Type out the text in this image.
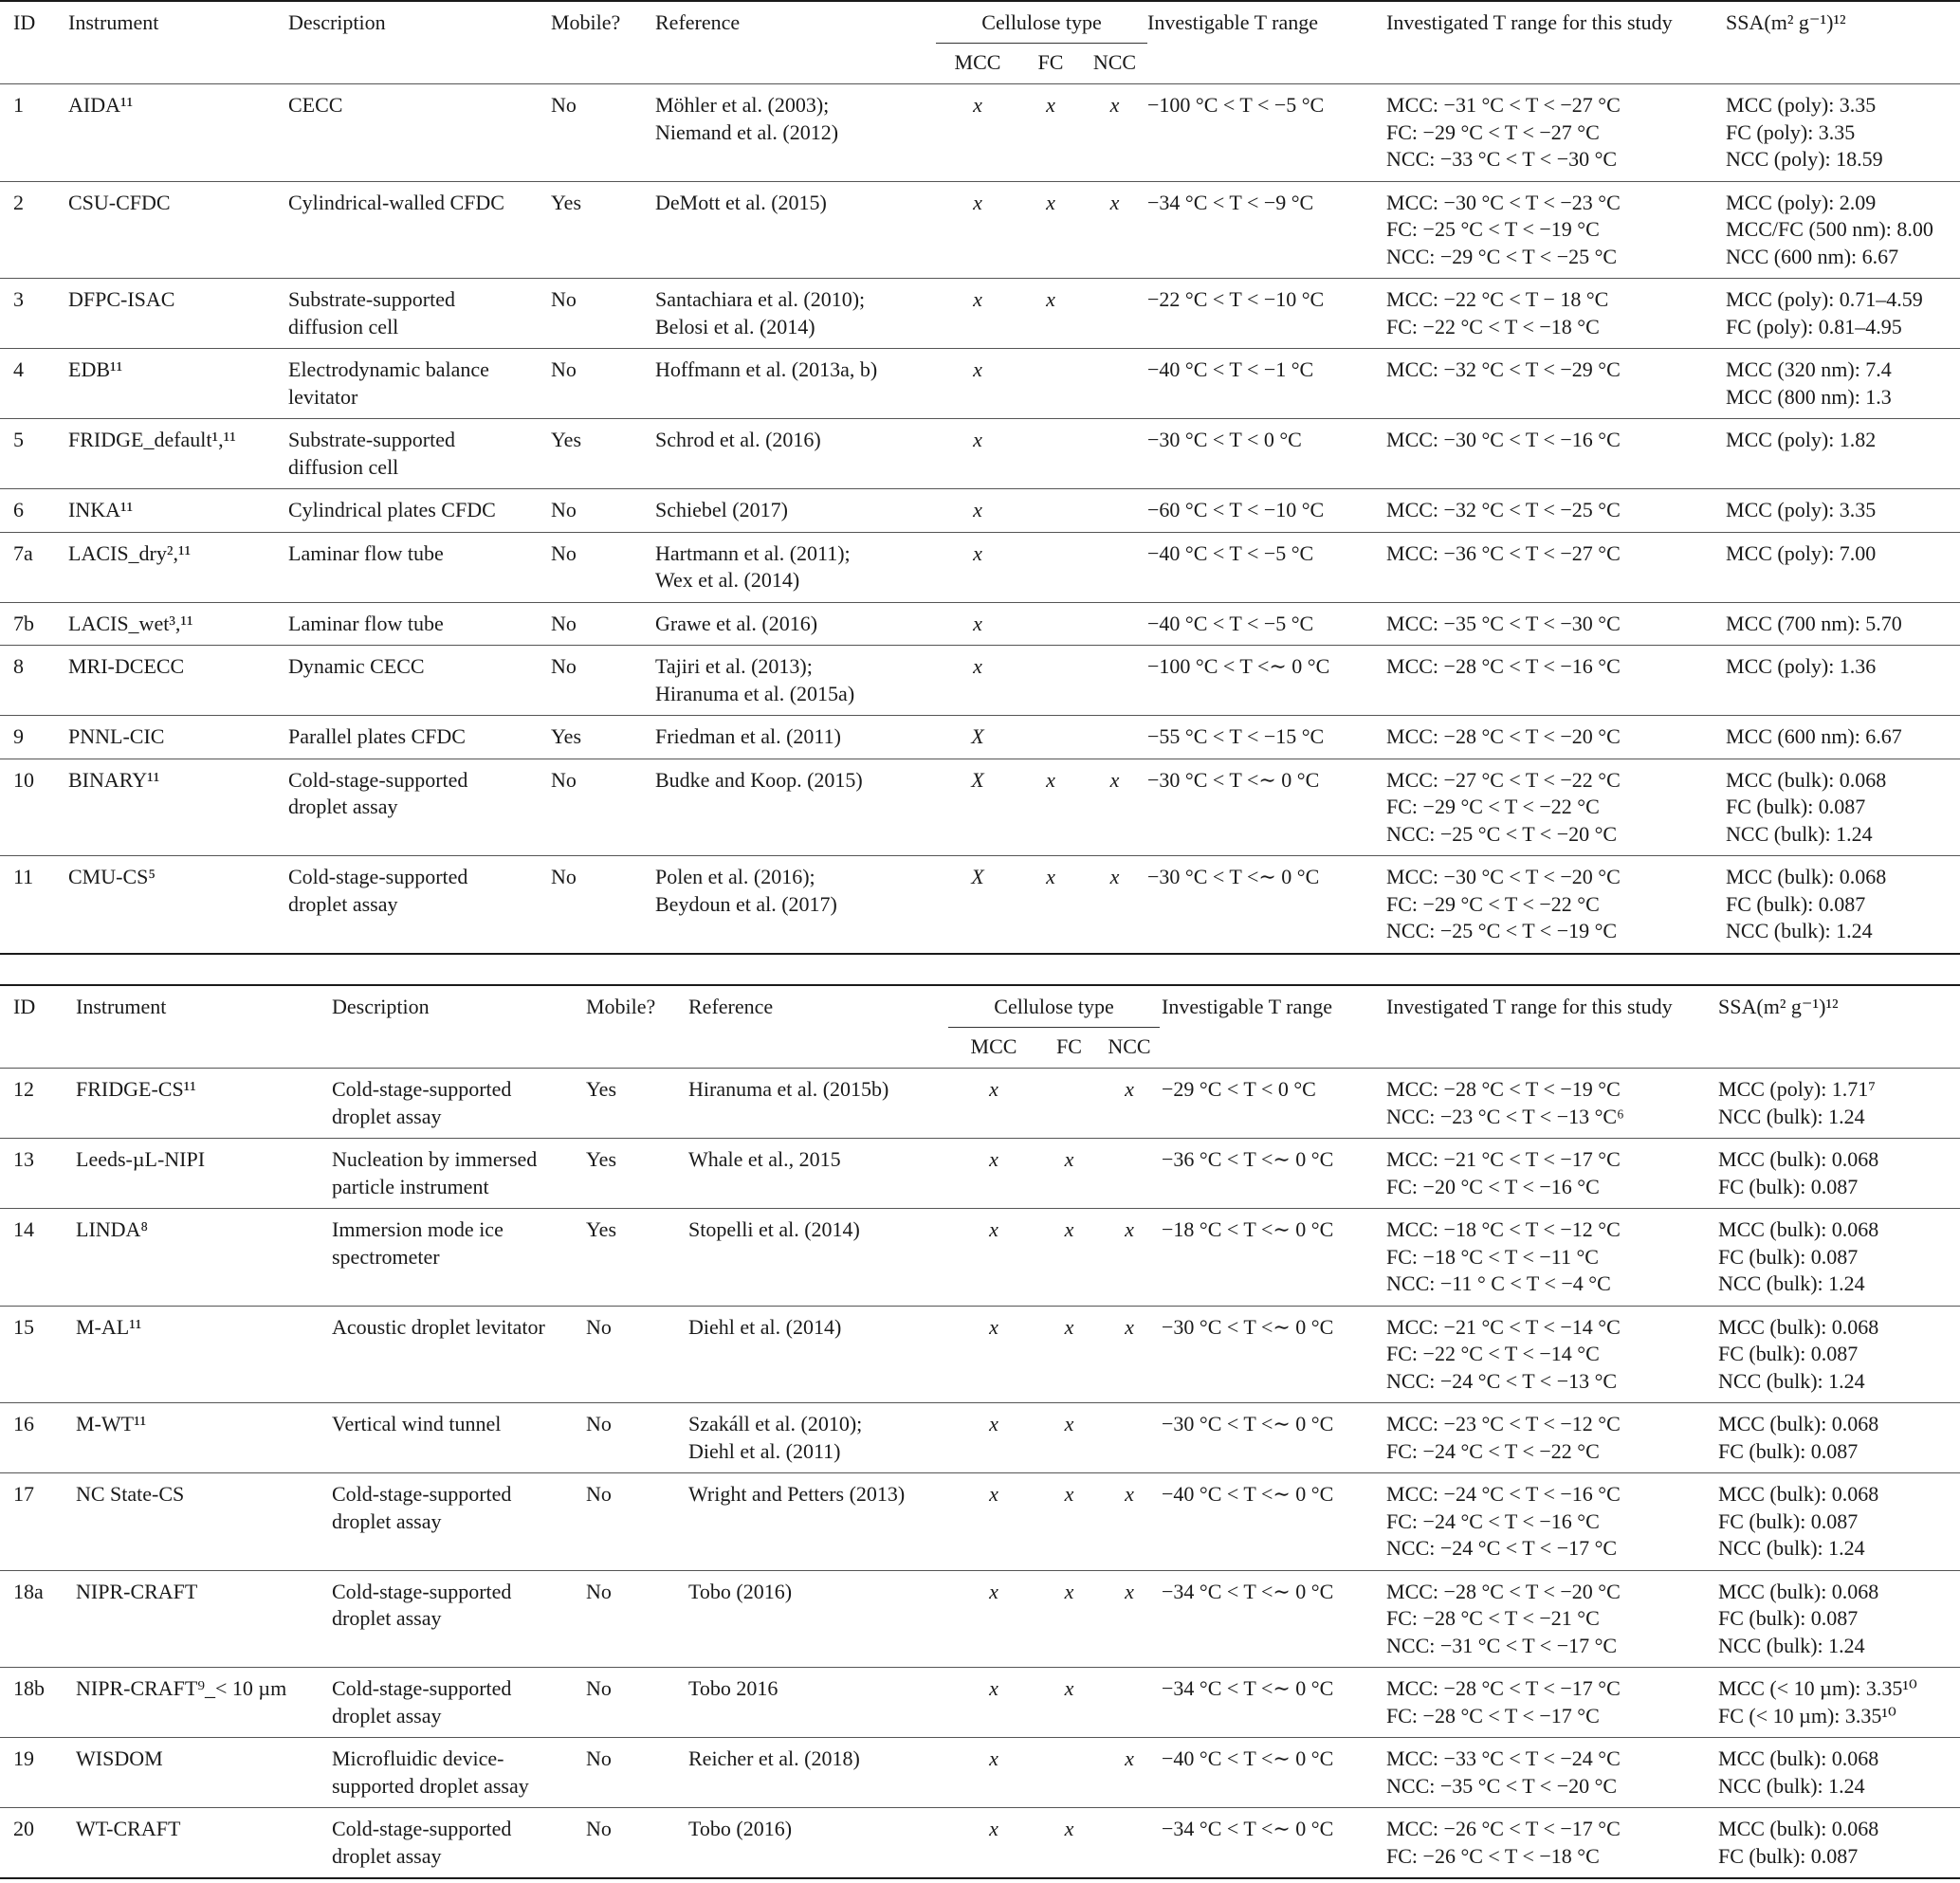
ID	Instrument	Description	Mobile?	Reference	Cellulose type			Investigable T range	Investigated T range for this study	SSA(m² g⁻¹)¹²
					MCC	FC	NCC			
1	AIDA¹¹	CECC	No	Möhler et al. (2003);
Niemand et al. (2012)	x	x	x	−100 °C < T < −5 °C	MCC: −31 °C < T < −27 °C
FC: −29 °C < T < −27 °C
NCC: −33 °C < T < −30 °C	MCC (poly): 3.35
FC (poly): 3.35
NCC (poly): 18.59

2	CSU-CFDC	Cylindrical-walled CFDC	Yes	DeMott et al. (2015)	x	x	x	−34 °C < T < −9 °C	MCC: −30 °C < T < −23 °C
FC: −25 °C < T < −19 °C
NCC: −29 °C < T < −25 °C	MCC (poly): 2.09
MCC/FC (500 nm): 8.00
NCC (600 nm): 6.67

3	DFPC-ISAC	Substrate-supported
diffusion cell	No	Santachiara et al. (2010);
Belosi et al. (2014)	x	x		−22 °C < T < −10 °C	MCC: −22 °C < T − 18 °C
FC: −22 °C < T < −18 °C	MCC (poly): 0.71–4.59
FC (poly): 0.81–4.95

4	EDB¹¹	Electrodynamic balance
levitator	No	Hoffmann et al. (2013a, b)	x			−40 °C < T < −1 °C	MCC: −32 °C < T < −29 °C	MCC (320 nm): 7.4
MCC (800 nm): 1.3

5	FRIDGE_default¹,¹¹	Substrate-supported
diffusion cell	Yes	Schrod et al. (2016)	x			−30 °C < T < 0 °C	MCC: −30 °C < T < −16 °C	MCC (poly): 1.82

6	INKA¹¹	Cylindrical plates CFDC	No	Schiebel (2017)	x			−60 °C < T < −10 °C	MCC: −32 °C < T < −25 °C	MCC (poly): 3.35

7a	LACIS_dry²,¹¹	Laminar flow tube	No	Hartmann et al. (2011);
Wex et al. (2014)	x			−40 °C < T < −5 °C	MCC: −36 °C < T < −27 °C	MCC (poly): 7.00

7b	LACIS_wet³,¹¹	Laminar flow tube	No	Grawe et al. (2016)	x			−40 °C < T < −5 °C	MCC: −35 °C < T < −30 °C	MCC (700 nm): 5.70

8	MRI-DCECC	Dynamic CECC	No	Tajiri et al. (2013);
Hiranuma et al. (2015a)	x			−100 °C < T <∼ 0 °C	MCC: −28 °C < T < −16 °C	MCC (poly): 1.36

9	PNNL-CIC	Parallel plates CFDC	Yes	Friedman et al. (2011)	X			−55 °C < T < −15 °C	MCC: −28 °C < T < −20 °C	MCC (600 nm): 6.67

10	BINARY¹¹	Cold-stage-supported
droplet assay	No	Budke and Koop. (2015)	X	x	x	−30 °C < T <∼ 0 °C	MCC: −27 °C < T < −22 °C
FC: −29 °C < T < −22 °C
NCC: −25 °C < T < −20 °C	MCC (bulk): 0.068
FC (bulk): 0.087
NCC (bulk): 1.24

11	CMU-CS⁵	Cold-stage-supported
droplet assay	No	Polen et al. (2016);
Beydoun et al. (2017)	X	x	x	−30 °C < T <∼ 0 °C	MCC: −30 °C < T < −20 °C
FC: −29 °C < T < −22 °C
NCC: −25 °C < T < −19 °C	MCC (bulk): 0.068
FC (bulk): 0.087
NCC (bulk): 1.24
ID	Instrument	Description	Mobile?	Reference	Cellulose type			Investigable T range	Investigated T range for this study	SSA(m² g⁻¹)¹²
					MCC	FC	NCC			
12	FRIDGE-CS¹¹	Cold-stage-supported
droplet assay	Yes	Hiranuma et al. (2015b)	x		x	−29 °C < T < 0 °C	MCC: −28 °C < T < −19 °C
NCC: −23 °C < T < −13 °C⁶	MCC (poly): 1.71⁷
NCC (bulk): 1.24

13	Leeds-µL-NIPI	Nucleation by immersed
particle instrument	Yes	Whale et al., 2015	x	x		−36 °C < T <∼ 0 °C	MCC: −21 °C < T < −17 °C
FC: −20 °C < T < −16 °C	MCC (bulk): 0.068
FC (bulk): 0.087

14	LINDA⁸	Immersion mode ice
spectrometer	Yes	Stopelli et al. (2014)	x	x	x	−18 °C < T <∼ 0 °C	MCC: −18 °C < T < −12 °C
FC: −18 °C < T < −11 °C
NCC: −11 ° C < T < −4 °C	MCC (bulk): 0.068
FC (bulk): 0.087
NCC (bulk): 1.24

15	M-AL¹¹	Acoustic droplet levitator	No	Diehl et al. (2014)	x	x	x	−30 °C < T <∼ 0 °C	MCC: −21 °C < T < −14 °C
FC: −22 °C < T < −14 °C
NCC: −24 °C < T < −13 °C	MCC (bulk): 0.068
FC (bulk): 0.087
NCC (bulk): 1.24

16	M-WT¹¹	Vertical wind tunnel	No	Szakáll et al. (2010);
Diehl et al. (2011)	x	x		−30 °C < T <∼ 0 °C	MCC: −23 °C < T < −12 °C
FC: −24 °C < T < −22 °C	MCC (bulk): 0.068
FC (bulk): 0.087

17	NC State-CS	Cold-stage-supported
droplet assay	No	Wright and Petters (2013)	x	x	x	−40 °C < T <∼ 0 °C	MCC: −24 °C < T < −16 °C
FC: −24 °C < T < −16 °C
NCC: −24 °C < T < −17 °C	MCC (bulk): 0.068
FC (bulk): 0.087
NCC (bulk): 1.24

18a	NIPR-CRAFT	Cold-stage-supported
droplet assay	No	Tobo (2016)	x	x	x	−34 °C < T <∼ 0 °C	MCC: −28 °C < T < −20 °C
FC: −28 °C < T < −21 °C
NCC: −31 °C < T < −17 °C	MCC (bulk): 0.068
FC (bulk): 0.087
NCC (bulk): 1.24

18b	NIPR-CRAFT⁹_< 10 µm	Cold-stage-supported
droplet assay	No	Tobo 2016	x	x		−34 °C < T <∼ 0 °C	MCC: −28 °C < T < −17 °C
FC: −28 °C < T < −17 °C	MCC (< 10 µm): 3.35¹⁰
FC (< 10 µm): 3.35¹⁰

19	WISDOM	Microfluidic device-
supported droplet assay	No	Reicher et al. (2018)	x		x	−40 °C < T <∼ 0 °C	MCC: −33 °C < T < −24 °C
NCC: −35 °C < T < −20 °C	MCC (bulk): 0.068
NCC (bulk): 1.24

20	WT-CRAFT	Cold-stage-supported
droplet assay	No	Tobo (2016)	x	x		−34 °C < T <∼ 0 °C	MCC: −26 °C < T < −17 °C
FC: −26 °C < T < −18 °C	MCC (bulk): 0.068
FC (bulk): 0.087
